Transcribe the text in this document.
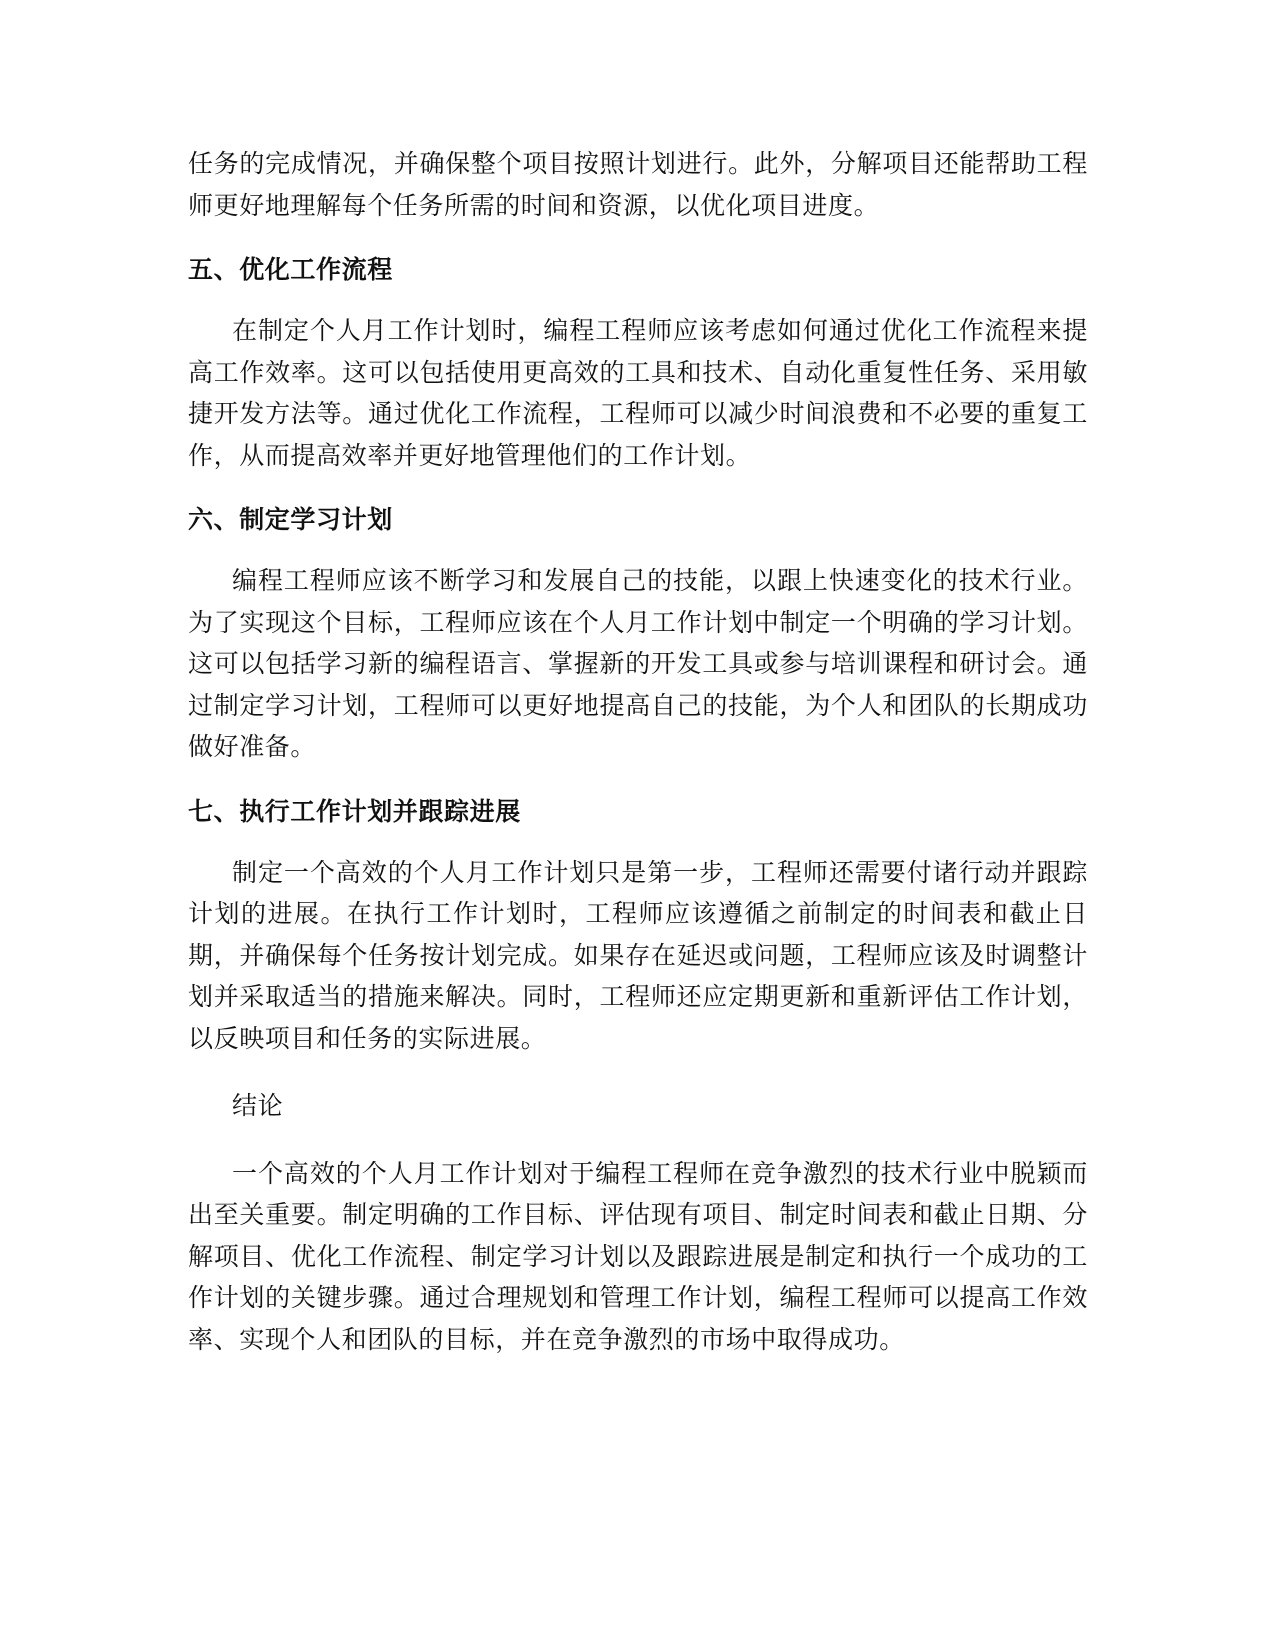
任务的完成情况，并确保整个项目按照计划进行。此外，分解项目还能帮助工程师更好地理解每个任务所需的时间和资源，以优化项目进度。

五、优化工作流程

在制定个人月工作计划时，编程工程师应该考虑如何通过优化工作流程来提高工作效率。这可以包括使用更高效的工具和技术、自动化重复性任务、采用敏捷开发方法等。通过优化工作流程，工程师可以减少时间浪费和不必要的重复工作，从而提高效率并更好地管理他们的工作计划。

六、制定学习计划

编程工程师应该不断学习和发展自己的技能，以跟上快速变化的技术行业。为了实现这个目标，工程师应该在个人月工作计划中制定一个明确的学习计划。这可以包括学习新的编程语言、掌握新的开发工具或参与培训课程和研讨会。通过制定学习计划，工程师可以更好地提高自己的技能，为个人和团队的长期成功做好准备。

七、执行工作计划并跟踪进展

制定一个高效的个人月工作计划只是第一步，工程师还需要付诸行动并跟踪计划的进展。在执行工作计划时，工程师应该遵循之前制定的时间表和截止日期，并确保每个任务按计划完成。如果存在延迟或问题，工程师应该及时调整计划并采取适当的措施来解决。同时，工程师还应定期更新和重新评估工作计划，以反映项目和任务的实际进展。

结论

一个高效的个人月工作计划对于编程工程师在竞争激烈的技术行业中脱颖而出至关重要。制定明确的工作目标、评估现有项目、制定时间表和截止日期、分解项目、优化工作流程、制定学习计划以及跟踪进展是制定和执行一个成功的工作计划的关键步骤。通过合理规划和管理工作计划，编程工程师可以提高工作效率、实现个人和团队的目标，并在竞争激烈的市场中取得成功。
